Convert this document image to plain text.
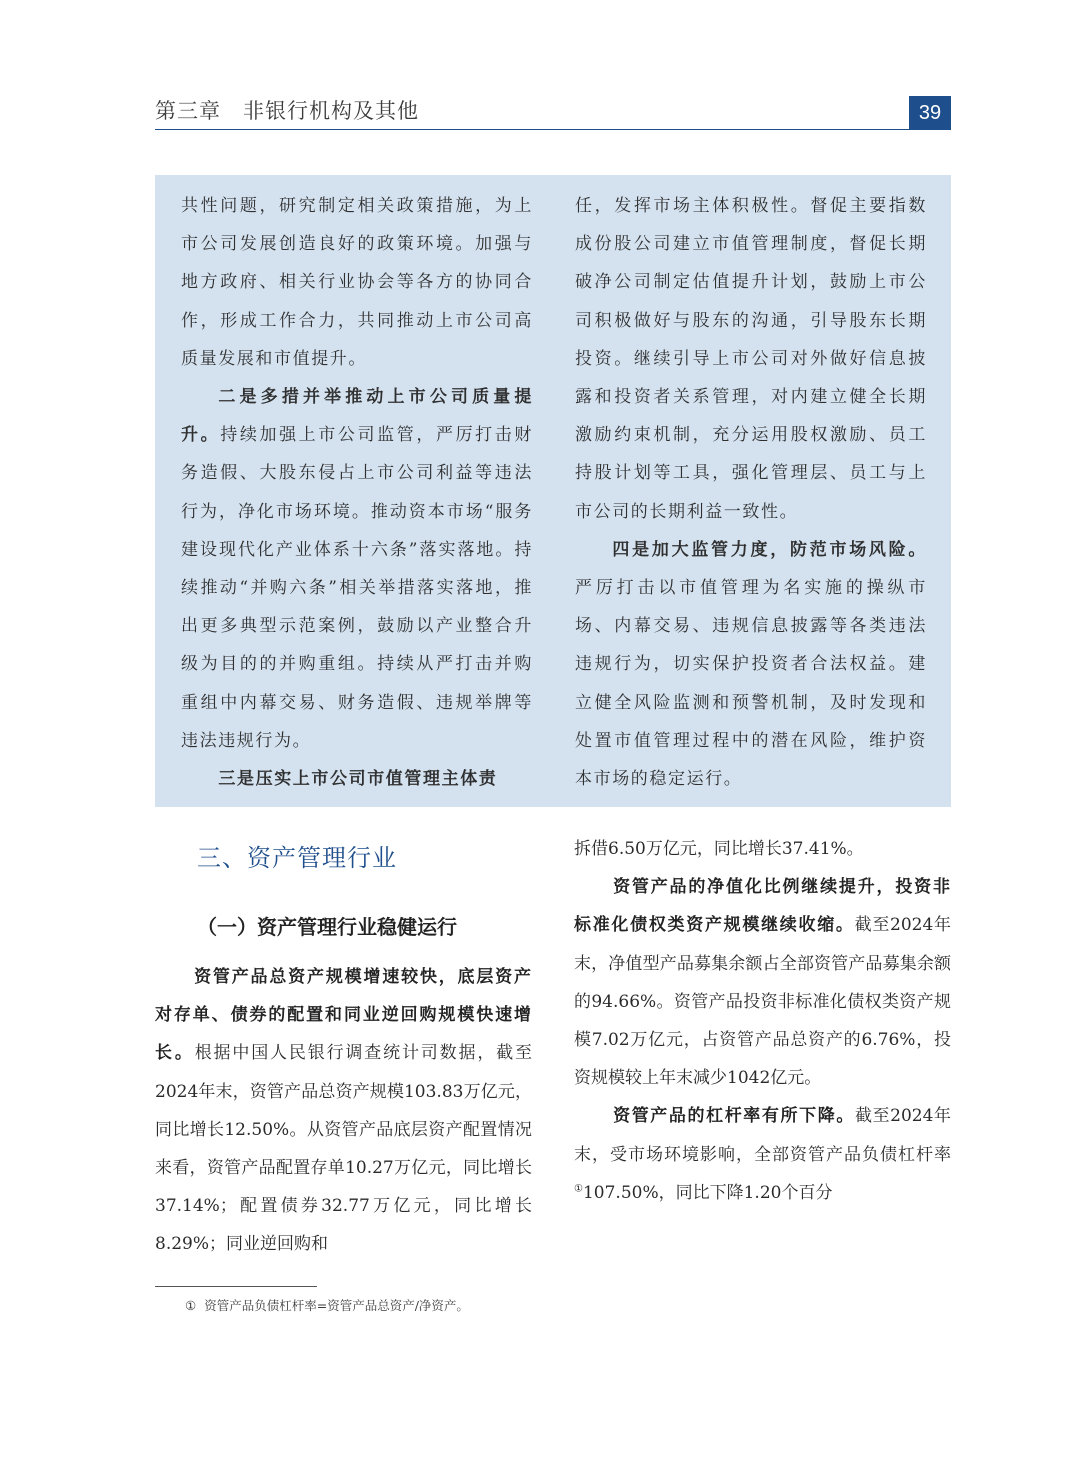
第三章　非银行机构及其他	39

共性问题，研究制定相关政策措施，为上市公司发展创造良好的政策环境。加强与地方政府、相关行业协会等各方的协同合作，形成工作合力，共同推动上市公司高质量发展和市值提升。

二是多措并举推动上市公司质量提升。持续加强上市公司监管，严厉打击财务造假、大股东侵占上市公司利益等违法行为，净化市场环境。推动资本市场“服务建设现代化产业体系十六条”落实落地。持续推动“并购六条”相关举措落实落地，推出更多典型示范案例，鼓励以产业整合升级为目的的并购重组。持续从严打击并购重组中内幕交易、财务造假、违规举牌等违法违规行为。

三是压实上市公司市值管理主体责

任，发挥市场主体积极性。督促主要指数成份股公司建立市值管理制度，督促长期破净公司制定估值提升计划，鼓励上市公司积极做好与股东的沟通，引导股东长期投资。继续引导上市公司对外做好信息披露和投资者关系管理，对内建立健全长期激励约束机制，充分运用股权激励、员工持股计划等工具，强化管理层、员工与上市公司的长期利益一致性。

四是加大监管力度，防范市场风险。严厉打击以市值管理为名实施的操纵市场、内幕交易、违规信息披露等各类违法违规行为，切实保护投资者合法权益。建立健全风险监测和预警机制，及时发现和处置市值管理过程中的潜在风险，维护资本市场的稳定运行。

三、资产管理行业
（一）资产管理行业稳健运行

资管产品总资产规模增速较快，底层资产对存单、债券的配置和同业逆回购规模快速增长。根据中国人民银行调查统计司数据，截至2024年末，资管产品总资产规模103.83万亿元，同比增长12.50%。从资管产品底层资产配置情况来看，资管产品配置存单10.27万亿元，同比增长37.14%；配置债券32.77万亿元，同比增长8.29%；同业逆回购和

拆借6.50万亿元，同比增长37.41%。

资管产品的净值化比例继续提升，投资非标准化债权类资产规模继续收缩。截至2024年末，净值型产品募集余额占全部资管产品募集余额的94.66%。资管产品投资非标准化债权类资产规模7.02万亿元，占资管产品总资产的6.76%，投资规模较上年末减少1042亿元。

资管产品的杠杆率有所下降。截至2024年末，受市场环境影响，全部资管产品负债杠杆率①107.50%，同比下降1.20个百分

① 资管产品负债杠杆率=资管产品总资产/净资产。
